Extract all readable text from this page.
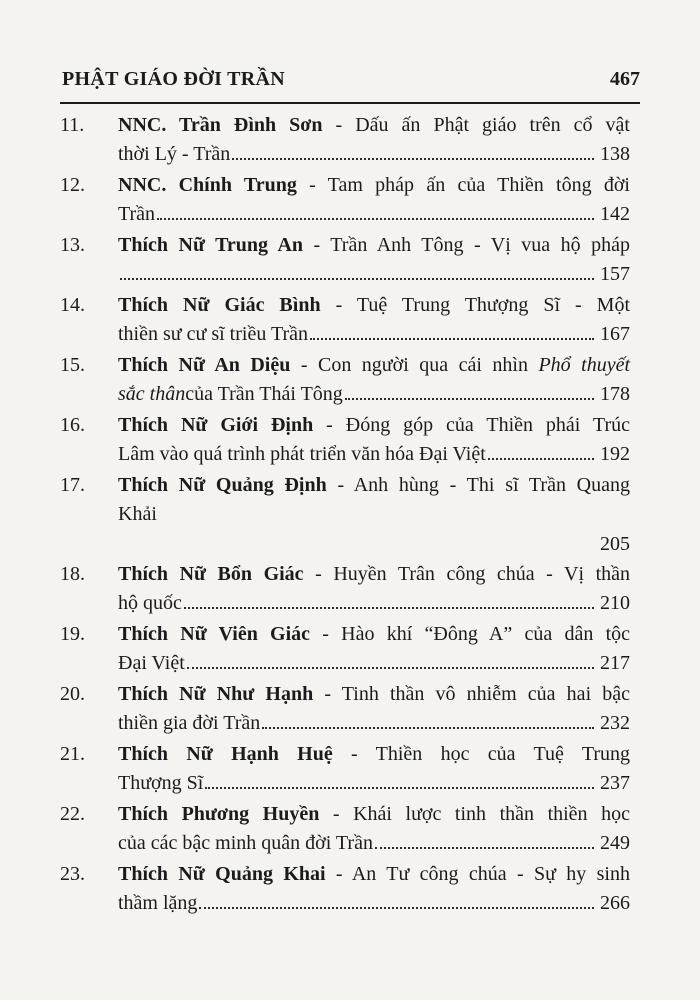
PHẬT GIÁO ĐỜI TRẦN	467
11.	NNC. Trần Đình Sơn - Dấu ấn Phật giáo trên cổ vật
thời Lý - Trần	138
12.	NNC. Chính Trung - Tam pháp ấn của Thiền tông đời
Trần	142
13.	Thích Nữ Trung An - Trần Anh Tông - Vị vua hộ pháp
157
14.	Thích Nữ Giác Bình - Tuệ Trung Thượng Sĩ - Một
thiền sư cư sĩ triều Trần	167
15.	Thích Nữ An Diệu - Con người qua cái nhìn Phổ thuyết
sắc thân của Trần Thái Tông	178
16.	Thích Nữ Giới Định - Đóng góp của Thiền phái Trúc
Lâm vào quá trình phát triển văn hóa Đại Việt	192
17.	Thích Nữ Quảng Định - Anh hùng - Thi sĩ Trần Quang
Khải
205
18.	Thích Nữ Bổn Giác - Huyền Trân công chúa - Vị thần
hộ quốc	210
19.	Thích Nữ Viên Giác - Hào khí “Đông A” của dân tộc
Đại Việt	217
20.	Thích Nữ Như Hạnh - Tinh thần vô nhiễm của hai bậc
thiền gia đời Trần	232
21.	Thích Nữ Hạnh Huệ - Thiền học của Tuệ Trung
Thượng Sĩ	237
22.	Thích Phương Huyền - Khái lược tinh thần thiền học
của các bậc minh quân đời Trần	249
23.	Thích Nữ Quảng Khai - An Tư công chúa - Sự hy sinh
thầm lặng	266
